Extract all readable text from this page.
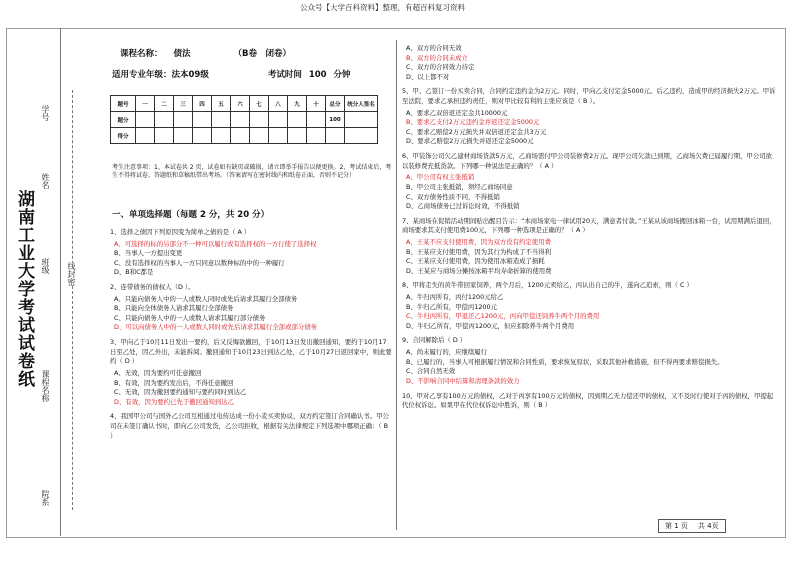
公众号【大学百科资料】整理，有超百科复习资料
湖南工业大学考试试卷纸
学号
姓名
班级
课程名称
院系
线封密
课程名称： 债法	（B卷　闭卷）
适用专业年级：法本09级	考试时间 100 分钟
题号	一	二	三	四	五	六	七	八	九	十	总分	统分人签名
题分											100	
得分												
考生注意事项：1、本试卷共 2 页，试卷如有缺页或破损，请立即举手报告以便更换。2、考试结束后，考生不得将试卷、答题纸和草稿纸带出考场。（答案请写在密封线内和纸卷正面，否则不记分）
一、单项选择题（每题 2 分，共 20 分）

1、选择之债因下列原因变为简单之债的是（ A ）

A、可选择的标的另部分不一种可以履行或有选择权的一方行使了选择权

B、当事人一方提出变更

C、没有选择权的当事人一方只同意以数种标的中的一种履行

D、B和C都是

2、连带债务的债权人（D ）。

A、只能向债务人中的一人或数人同时或先后请求其履行全部债务

B、只能向全体债务人请求其履行全部债务

C、只能向债务人中的一人或数人请求其履行部分债务

D、可以向债务人中的一人或数人同时或先后请求其履行全部或部分债务

3、甲向乙于10月11日发出一要约，后又反悔欲撤回，于10月13日发出撤回通知，要约于10月17日至乙处，因乙外出，未能拆阅。撤回通知于10月23日到达乙处，乙于10月27日返回家中，则此要约（ D ）

A、无效，因为要约可任意撤回

B、有效，因为要约发出后，不得任意撤回

C、无效，因为撤回要约通知与要约同时到达乙

D、有效，因为要约已先于撤回通知到达乙

4、我国甲公司与国外乙公司互相通过电传达成一份小麦买卖协议，双方约定签订合同确认书。甲公司在未签订确认书时，即向乙公司发货，乙公司拒收，根据有关法律规定下列选项中哪项正确：（ B ）

A、双方的合同无效

B、双方的合同未成立

C、双方的合同效力待定

D、以上都不对

5、甲、乙签订一份买卖合同，合同约定违约金为2万元。同时，甲向乙支付定金5000元。后乙违约，造成甲的经济损失2万元。甲诉至法院，要求乙承担违约责任，则对甲比较有利的主张应该是（ B ）。

A、要求乙双倍返还定金共10000元

B、要求乙支付2万元违约金并返还定金5000元

C、要求乙赔偿2万元损失并双倍返还定金共3万元

D、要求乙赔偿2万元损失并返还定金5000元

6、甲装饰公司欠乙建材商场货款5万元，乙商场需付甲公司装修费2万元。现甲公司欠款已到期，乙商场欠费已届履行期，甲公司欲以装修费充抵货款。下列哪一种说法是正确的？（ A ）

A、甲公司有权主张抵销

B、甲公司主张抵销，须经乙商场同意

C、双方债务性质不同，不得抵销

D、乙商场债务已过诉讼时效，不得抵销

7、某商场在促销活动期间贴出醒目告示：“本商场家电一律试用20天，满意者付款。”王某从该商场搬回冰箱一台，试用期满后退回，商场要求其支付使用费100元，下列哪一种选项是正确的？（ A ）

A、王某不应支付使用费，因为双方没有约定使用费

B、王某应支付使用费，因为其行为构成了不当得利

C、王某应支付使用费，因为使用冰箱造成了损耗

D、王某应与商场分摊按冰箱平均寿命折算的使用费

8、甲将走失的黄牛带回家饲养，两个月后，1200元卖给乙，丙认出自己的牛，遂向乙追索，则（ C ）

A、牛归丙所有，丙付1200元给乙

B、牛归乙所有，甲偿丙1200元

C、牛归丙所有，甲退还乙1200元，丙向甲偿还饲养牛两个月的费用

D、牛归乙所有，甲偿丙1200元，但应扣除养牛两个月费用

9、合同解除后（ D ）

A、尚未履行的，应继续履行

B、已履行的，当事人可根据履行情况和合同性质，要求恢复原状，采取其他补救措施，但不得再要求赔偿损失。

C、合同自然无效

D、不影响合同中结算和清理条款的效力

10、甲对乙享有100万元的债权，乙对于丙享有100万元的债权，因到期乙无力偿还甲的债权，又不及时行使对于丙的债权，甲提起代位权诉讼。如果甲在代位权诉讼中胜诉，则（ B ）

第 1 页 共 4页
